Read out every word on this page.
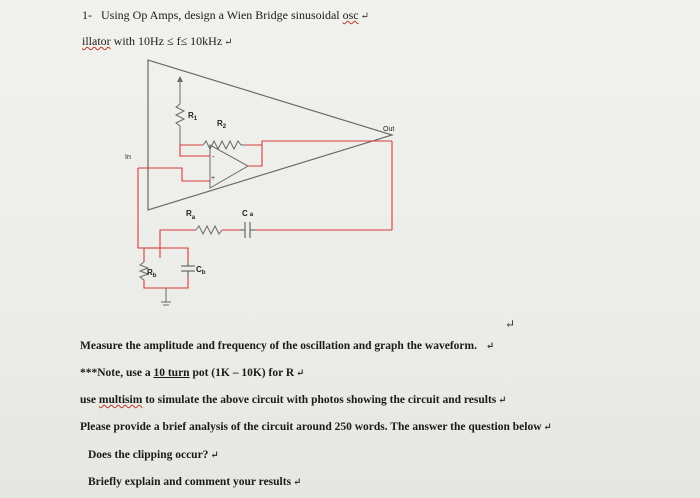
1- Using Op Amps, design a Wien Bridge sinusoidal osc ↵
illator with 10Hz ≤ f≤ 10kHz ↵
$R_1$ $R_2$
$R_a$	C a
$R_b$
$C_b$
In
Out
-
+
↵
Measure the amplitude and frequency of the oscillation and graph the waveform. ↵
***Note, use a 10 turn pot (1K – 10K) for R ↵
use multisim to simulate the above circuit with photos showing the circuit and results ↵
Please provide a brief analysis of the circuit around 250 words. The answer the question below ↵
Does the clipping occur? ↵
Briefly explain and comment your results ↵
